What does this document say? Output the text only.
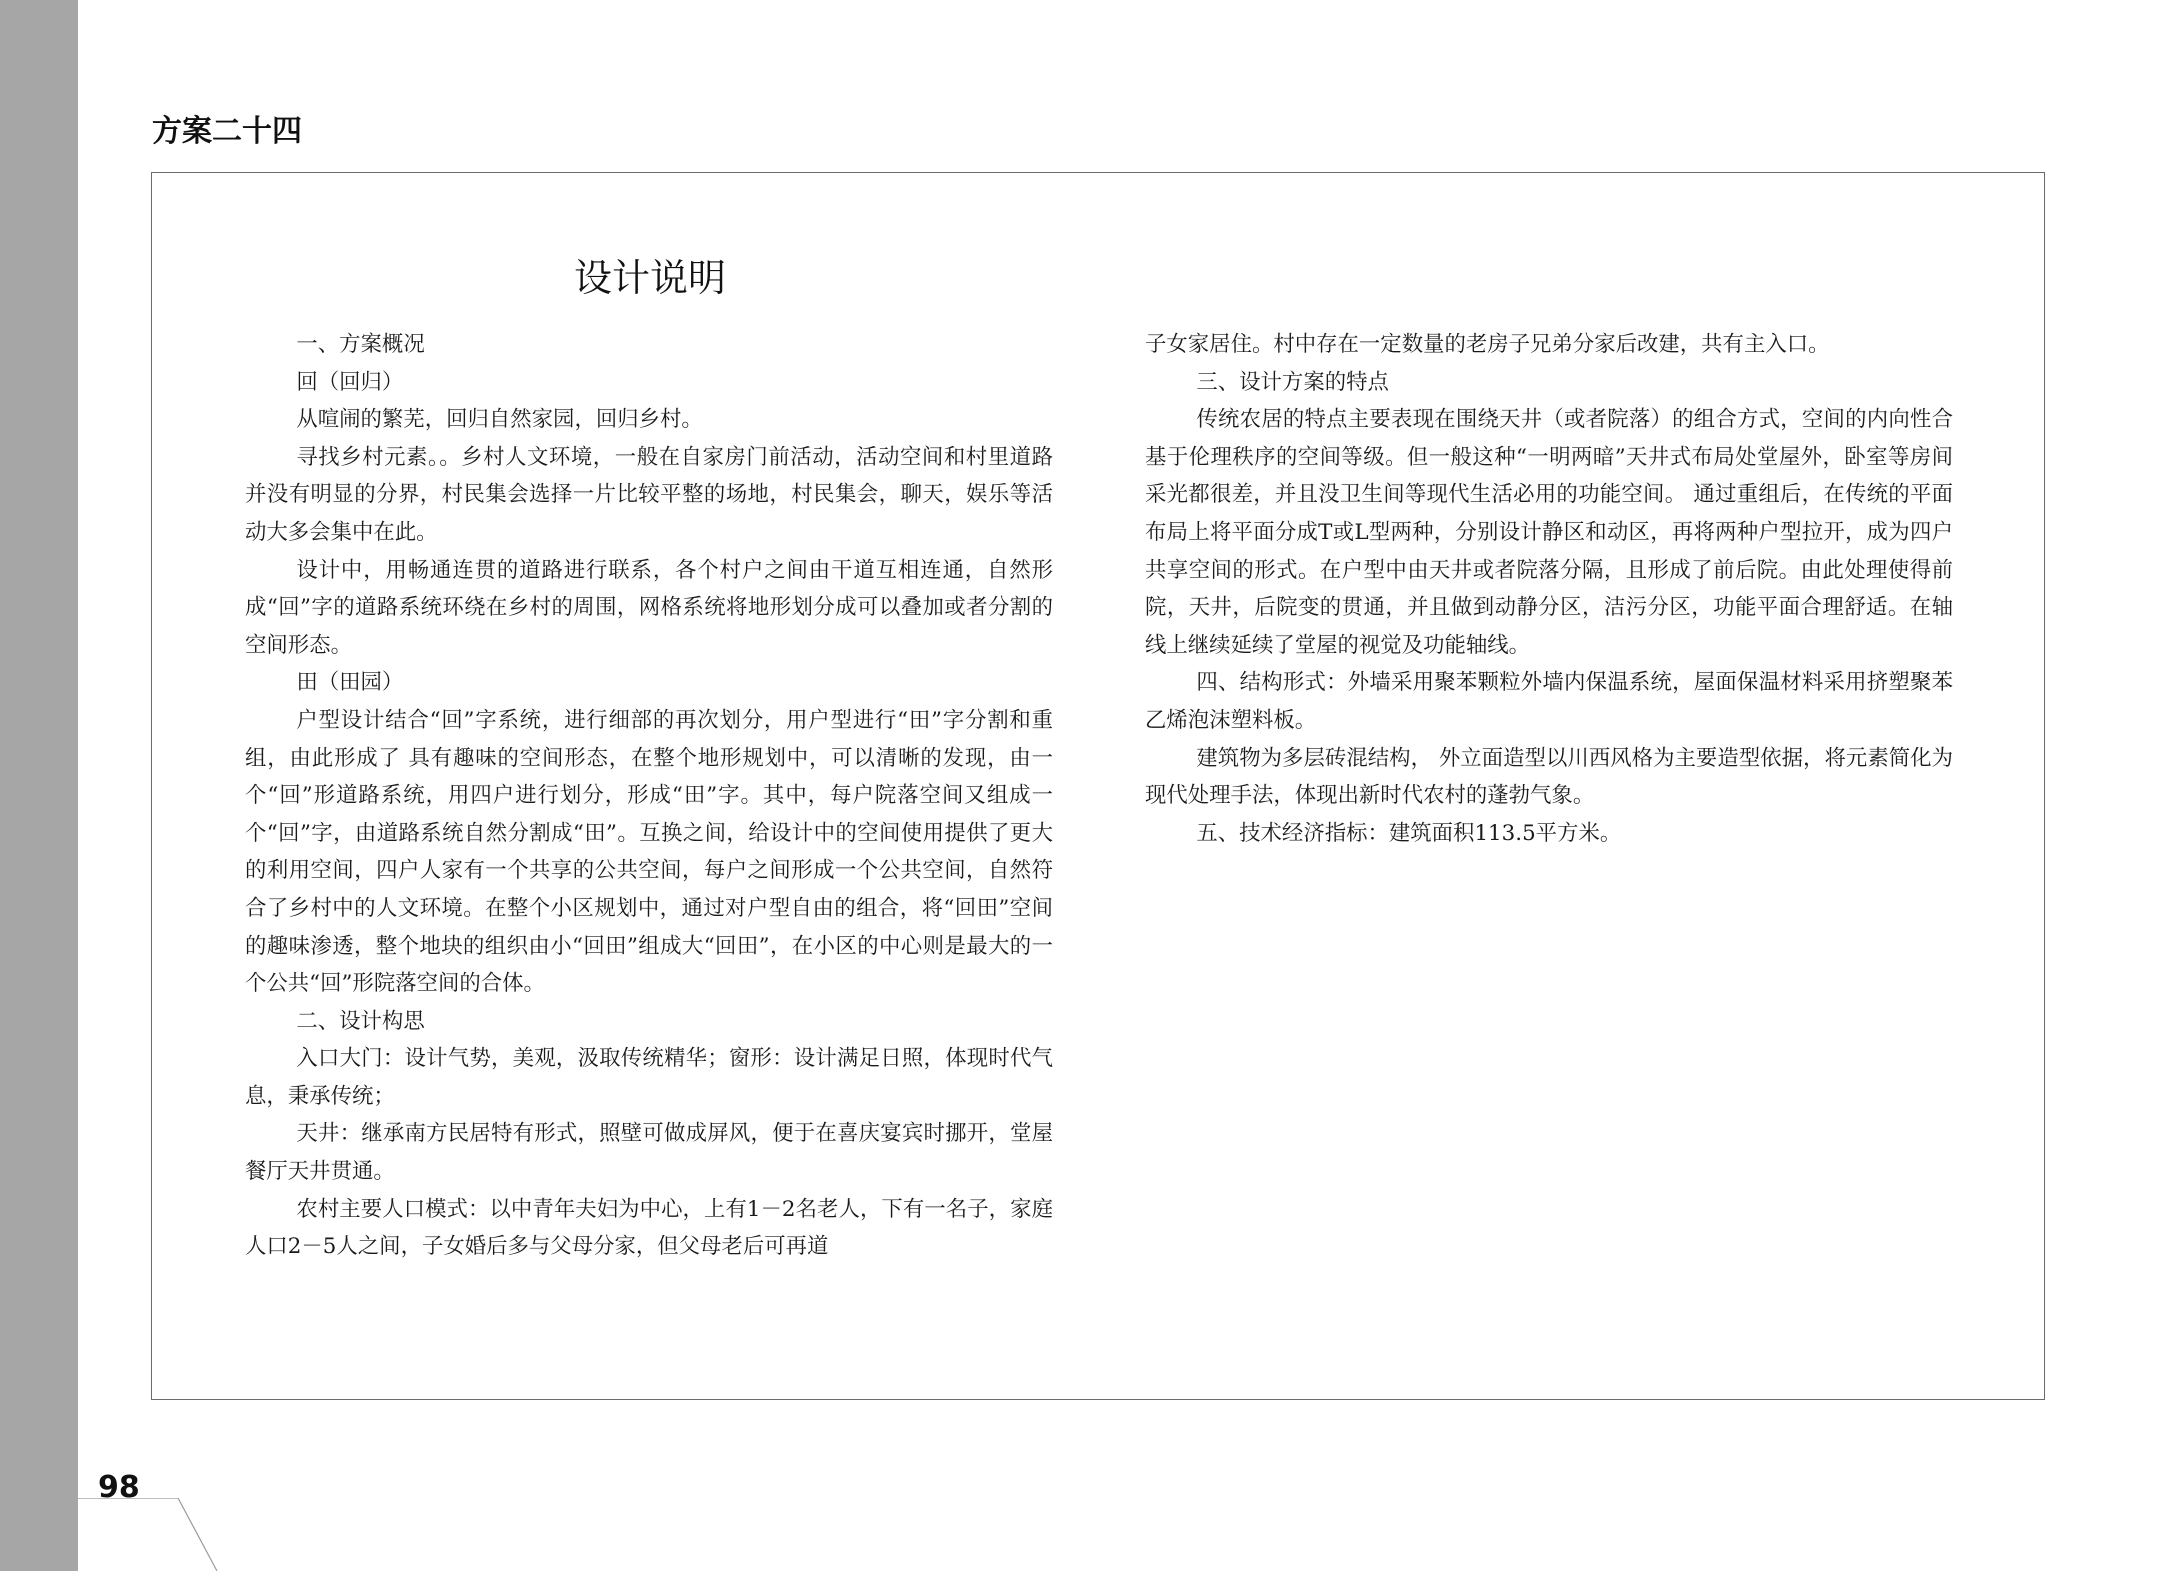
方案二十四
设计说明

一、方案概况

回（回归）

从喧闹的繁芜，回归自然家园，回归乡村。

寻找乡村元素。。乡村人文环境，一般在自家房门前活动，活动空间和村里道路并没有明显的分界，村民集会选择一片比较平整的场地，村民集会，聊天，娱乐等活动大多会集中在此。

设计中，用畅通连贯的道路进行联系，各个村户之间由干道互相连通，自然形成“回”字的道路系统环绕在乡村的周围，网格系统将地形划分成可以叠加或者分割的空间形态。

田（田园）

户型设计结合“回”字系统，进行细部的再次划分，用户型进行“田”字分割和重组，由此形成了 具有趣味的空间形态，在整个地形规划中，可以清晰的发现，由一个“回”形道路系统，用四户进行划分，形成“田”字。其中，每户院落空间又组成一个“回”字，由道路系统自然分割成“田”。互换之间，给设计中的空间使用提供了更大的利用空间，四户人家有一个共享的公共空间，每户之间形成一个公共空间，自然符合了乡村中的人文环境。在整个小区规划中，通过对户型自由的组合，将“回田”空间的趣味渗透，整个地块的组织由小“回田”组成大“回田”，在小区的中心则是最大的一个公共“回”形院落空间的合体。

二、设计构思

入口大门：设计气势，美观，汲取传统精华；窗形：设计满足日照，体现时代气息，秉承传统；

天井：继承南方民居特有形式，照壁可做成屏风，便于在喜庆宴宾时挪开，堂屋餐厅天井贯通。

农村主要人口模式：以中青年夫妇为中心，上有1－2名老人，下有一名子，家庭人口2－5人之间，子女婚后多与父母分家，但父母老后可再道

子女家居住。村中存在一定数量的老房子兄弟分家后改建，共有主入口。

三、设计方案的特点

传统农居的特点主要表现在围绕天井（或者院落）的组合方式，空间的内向性合基于伦理秩序的空间等级。但一般这种“一明两暗”天井式布局处堂屋外，卧室等房间采光都很差，并且没卫生间等现代生活必用的功能空间。 通过重组后，在传统的平面布局上将平面分成T或L型两种，分别设计静区和动区，再将两种户型拉开，成为四户共享空间的形式。在户型中由天井或者院落分隔，且形成了前后院。由此处理使得前院，天井，后院变的贯通，并且做到动静分区，洁污分区，功能平面合理舒适。在轴线上继续延续了堂屋的视觉及功能轴线。

四、结构形式：外墙采用聚苯颗粒外墙内保温系统，屋面保温材料采用挤塑聚苯乙烯泡沫塑料板。

建筑物为多层砖混结构， 外立面造型以川西风格为主要造型依据，将元素简化为现代处理手法，体现出新时代农村的蓬勃气象。

五、技术经济指标：建筑面积113.5平方米。

98
